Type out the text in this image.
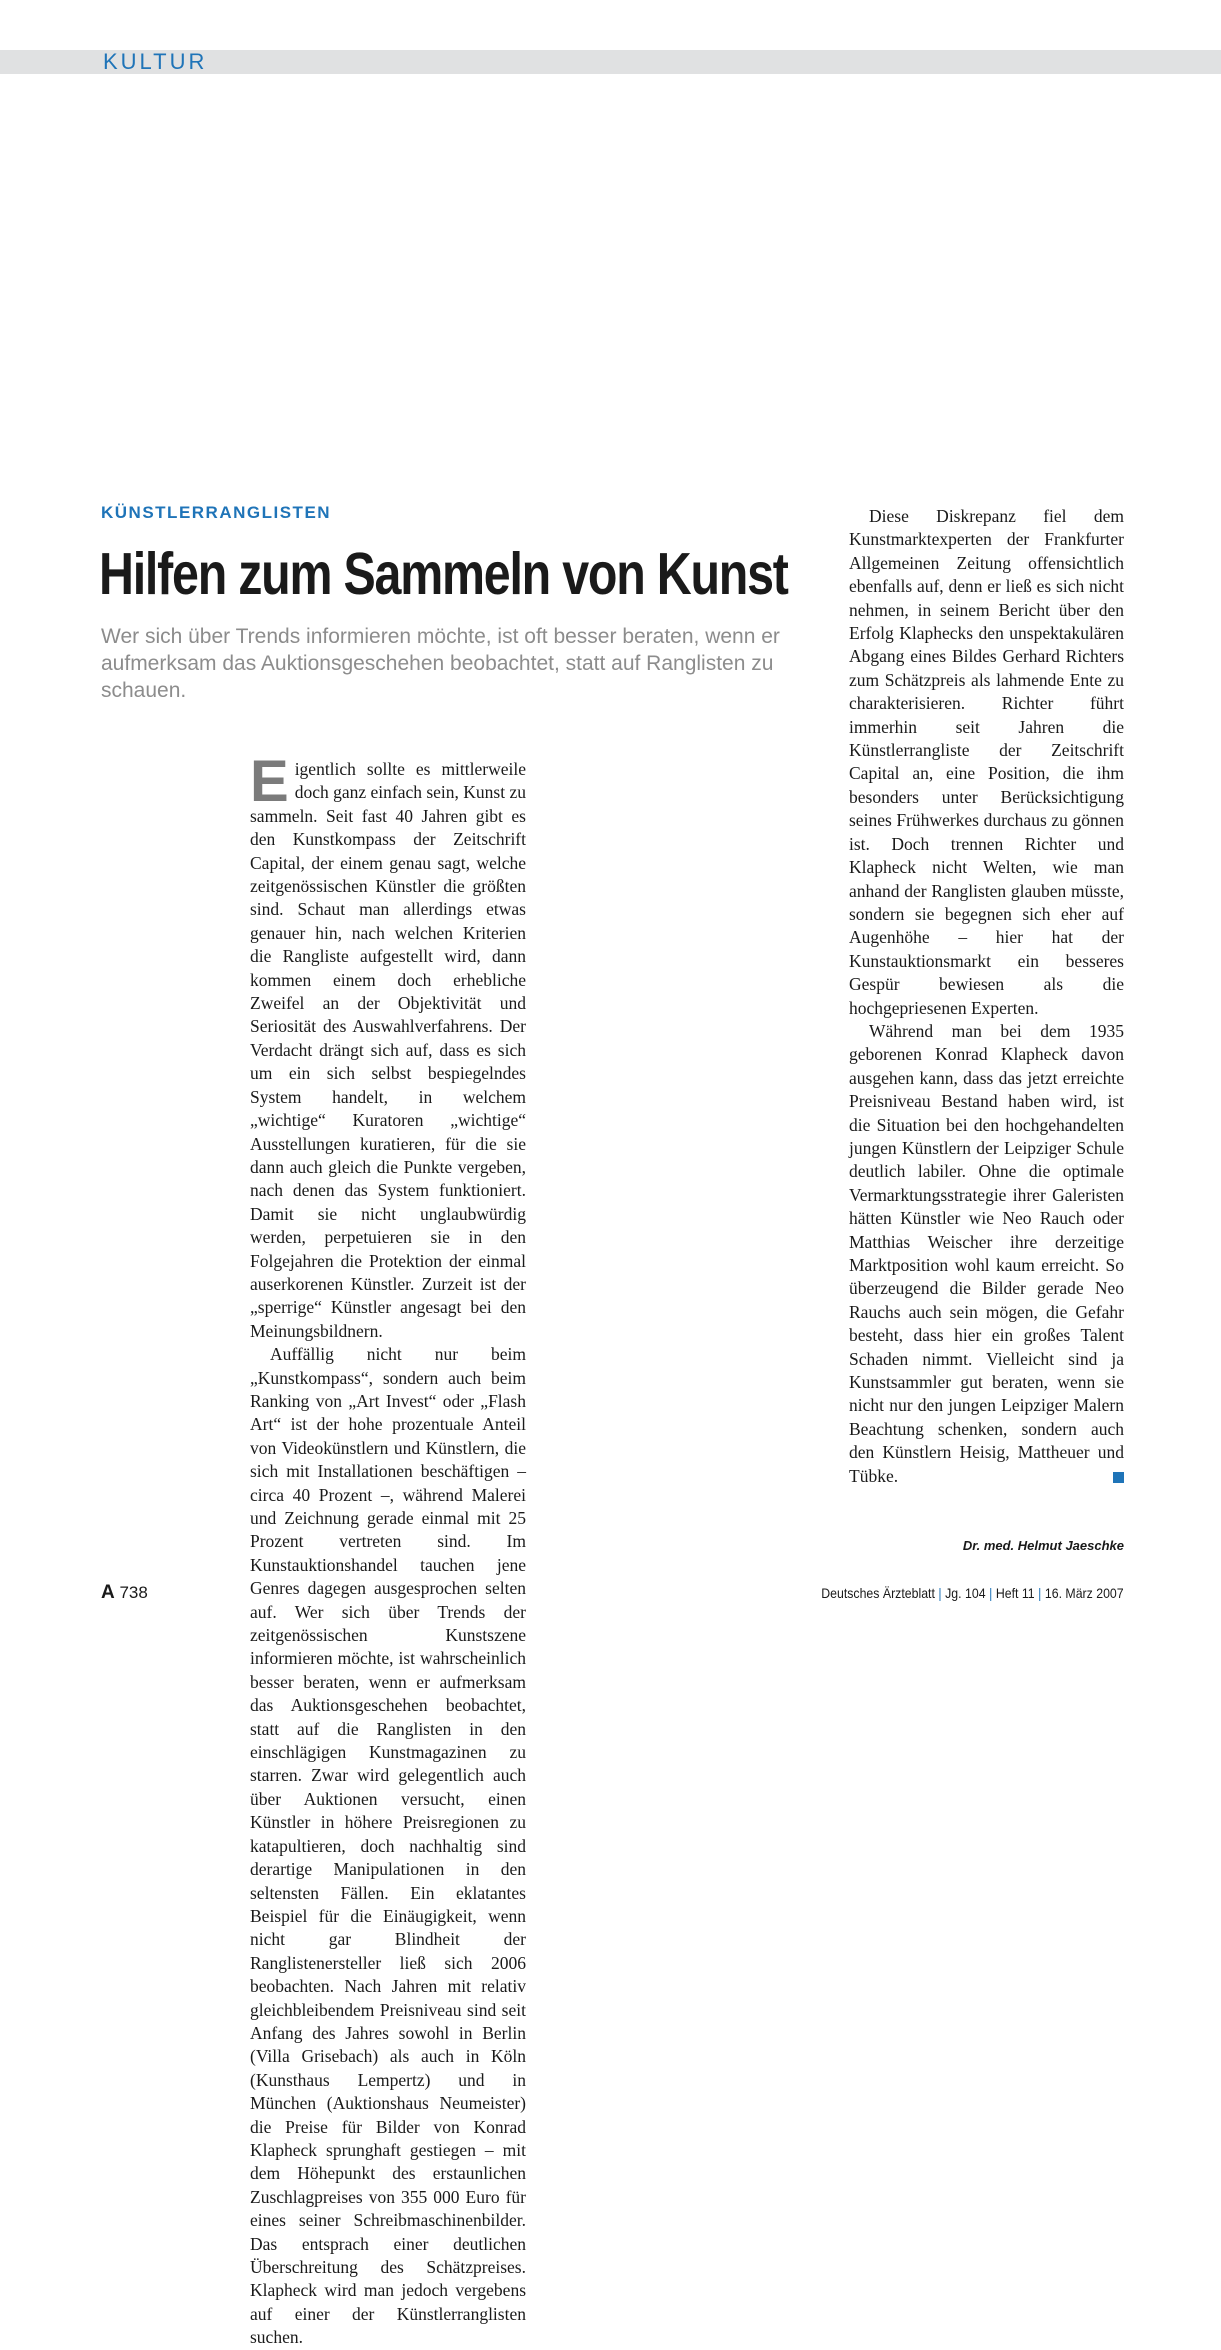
KULTUR
KÜNSTLERRANGLISTEN
Hilfen zum Sammeln von Kunst
Wer sich über Trends informieren möchte, ist oft besser beraten, wenn er aufmerksam das Auktionsgeschehen beobachtet, statt auf Ranglisten zu schauen.

E igentlich sollte es mittlerweile doch ganz einfach sein, Kunst zu sammeln. Seit fast 40 Jahren gibt es den Kunstkompass der Zeitschrift Capital, der einem genau sagt, welche zeitgenössischen Künstler die größten sind. Schaut man allerdings etwas genauer hin, nach welchen Kriterien die Rangliste aufgestellt wird, dann kommen einem doch erhebliche Zweifel an der Objektivität und Seriosität des Auswahlverfahrens. Der Verdacht drängt sich auf, dass es sich um ein sich selbst bespiegelndes System handelt, in welchem „wichtige“ Kuratoren „wichtige“ Ausstellungen kuratieren, für die sie dann auch gleich die Punkte vergeben, nach denen das System funktioniert. Damit sie nicht unglaubwürdig werden, perpetuieren sie in den Folgejahren die Protektion der einmal auserkorenen Künstler. Zurzeit ist der „sperrige“ Künstler angesagt bei den Meinungsbildnern.

Auffällig nicht nur beim „Kunstkompass“, sondern auch beim Ranking von „Art Invest“ oder „Flash Art“ ist der hohe prozentuale Anteil von Videokünstlern und Künstlern, die sich mit Installationen beschäftigen – circa 40 Prozent –, während Malerei und Zeichnung gerade einmal mit 25 Prozent vertreten sind. Im Kunstauktionshandel tauchen jene Genres dagegen ausgesprochen selten auf. Wer sich über Trends der zeitgenössischen Kunstszene informieren möchte, ist wahrscheinlich besser beraten, wenn er aufmerksam das Auktionsgeschehen beobachtet, statt auf die Ranglisten in den einschlägigen Kunstmagazinen zu starren. Zwar wird gelegentlich auch über Auktionen versucht, einen Künstler in höhere Preisregionen zu katapultieren, doch nachhaltig sind derartige Manipulationen in den seltensten Fällen. Ein eklatantes Beispiel für die Einäugigkeit, wenn nicht gar Blindheit der Ranglistenersteller ließ sich 2006 beobachten. Nach Jahren mit relativ gleichbleibendem Preisniveau sind seit Anfang des Jahres sowohl in Berlin (Villa Grisebach) als auch in Köln (Kunsthaus Lempertz) und in München (Auktionshaus Neumeister) die Preise für Bilder von Konrad Klapheck sprunghaft gestiegen – mit dem Höhepunkt des erstaunlichen Zuschlagpreises von 355 000 Euro für eines seiner Schreibmaschinenbilder. Das entsprach einer deutlichen Überschreitung des Schätzpreises. Klapheck wird man jedoch vergebens auf einer der Künstlerranglisten suchen.

Diese Diskrepanz fiel dem Kunstmarktexperten der Frankfurter Allgemeinen Zeitung offensichtlich ebenfalls auf, denn er ließ es sich nicht nehmen, in seinem Bericht über den Erfolg Klaphecks den unspektakulären Abgang eines Bildes Gerhard Richters zum Schätzpreis als lahmende Ente zu charakterisieren. Richter führt immerhin seit Jahren die Künstlerrangliste der Zeitschrift Capital an, eine Position, die ihm besonders unter Berücksichtigung seines Frühwerkes durchaus zu gönnen ist. Doch trennen Richter und Klapheck nicht Welten, wie man anhand der Ranglisten glauben müsste, sondern sie begegnen sich eher auf Augenhöhe – hier hat der Kunstauktionsmarkt ein besseres Gespür bewiesen als die hochgepriesenen Experten.

Während man bei dem 1935 geborenen Konrad Klapheck davon ausgehen kann, dass das jetzt erreichte Preisniveau Bestand haben wird, ist die Situation bei den hochgehandelten jungen Künstlern der Leipziger Schule deutlich labiler. Ohne die optimale Vermarktungsstrategie ihrer Galeristen hätten Künstler wie Neo Rauch oder Matthias Weischer ihre derzeitige Marktposition wohl kaum erreicht. So überzeugend die Bilder gerade Neo Rauchs auch sein mögen, die Gefahr besteht, dass hier ein großes Talent Schaden nimmt. Vielleicht sind ja Kunstsammler gut beraten, wenn sie nicht nur den jungen Leipziger Malern Beachtung schenken, sondern auch den Künstlern Heisig, Mattheuer und Tübke.

Dr. med. Helmut Jaeschke
A 738	Deutsches Ärzteblatt | Jg. 104 | Heft 11 | 16. März 2007
